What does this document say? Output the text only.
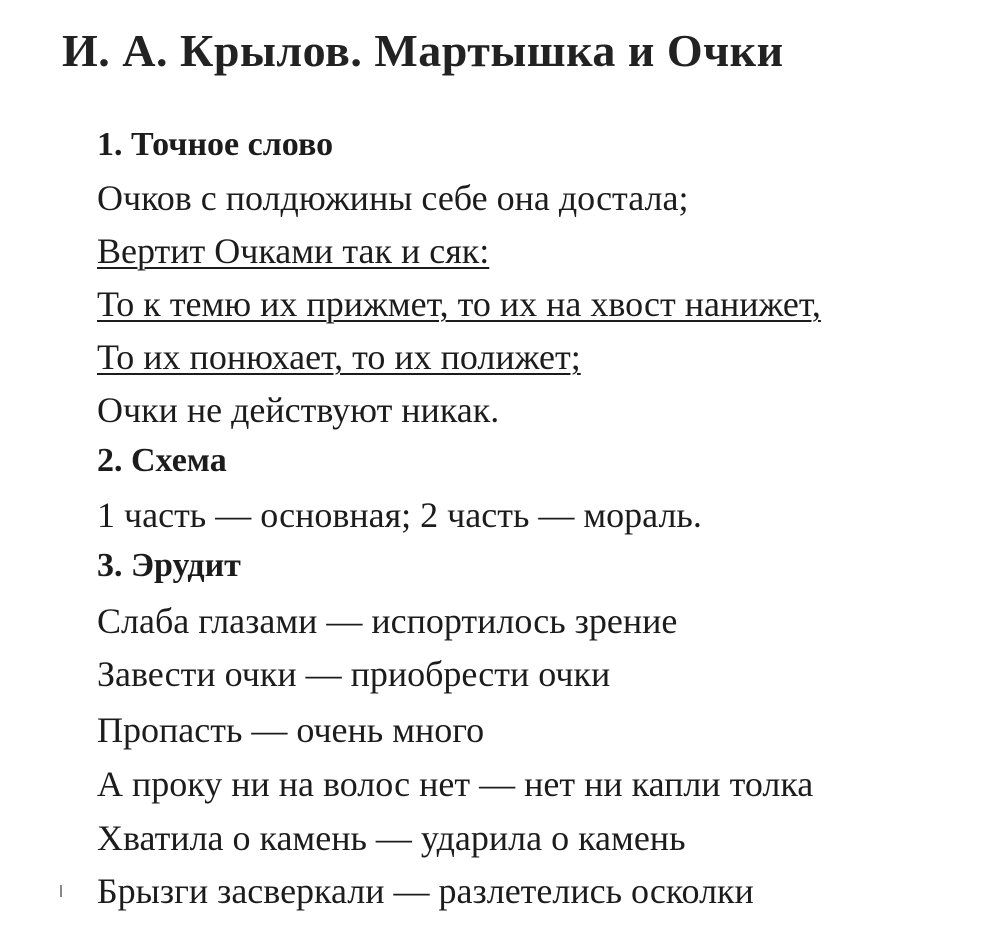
И. А. Крылов. Мартышка и Очки
1. Точное слово
Очков с полдюжины себе она достала;
Вертит Очками так и сяк:
То к темю их прижмет, то их на хвост нанижет,
То их понюхает, то их полижет;
Очки не действуют никак.
2. Схема
1 часть — основная; 2 часть — мораль.
3. Эрудит
Слаба глазами — испортилось зрение
Завести очки — приобрести очки
Пропасть — очень много
А проку ни на волос нет — нет ни капли толка
Хватила о камень — ударила о камень
Брызги засверкали — разлетелись осколки
